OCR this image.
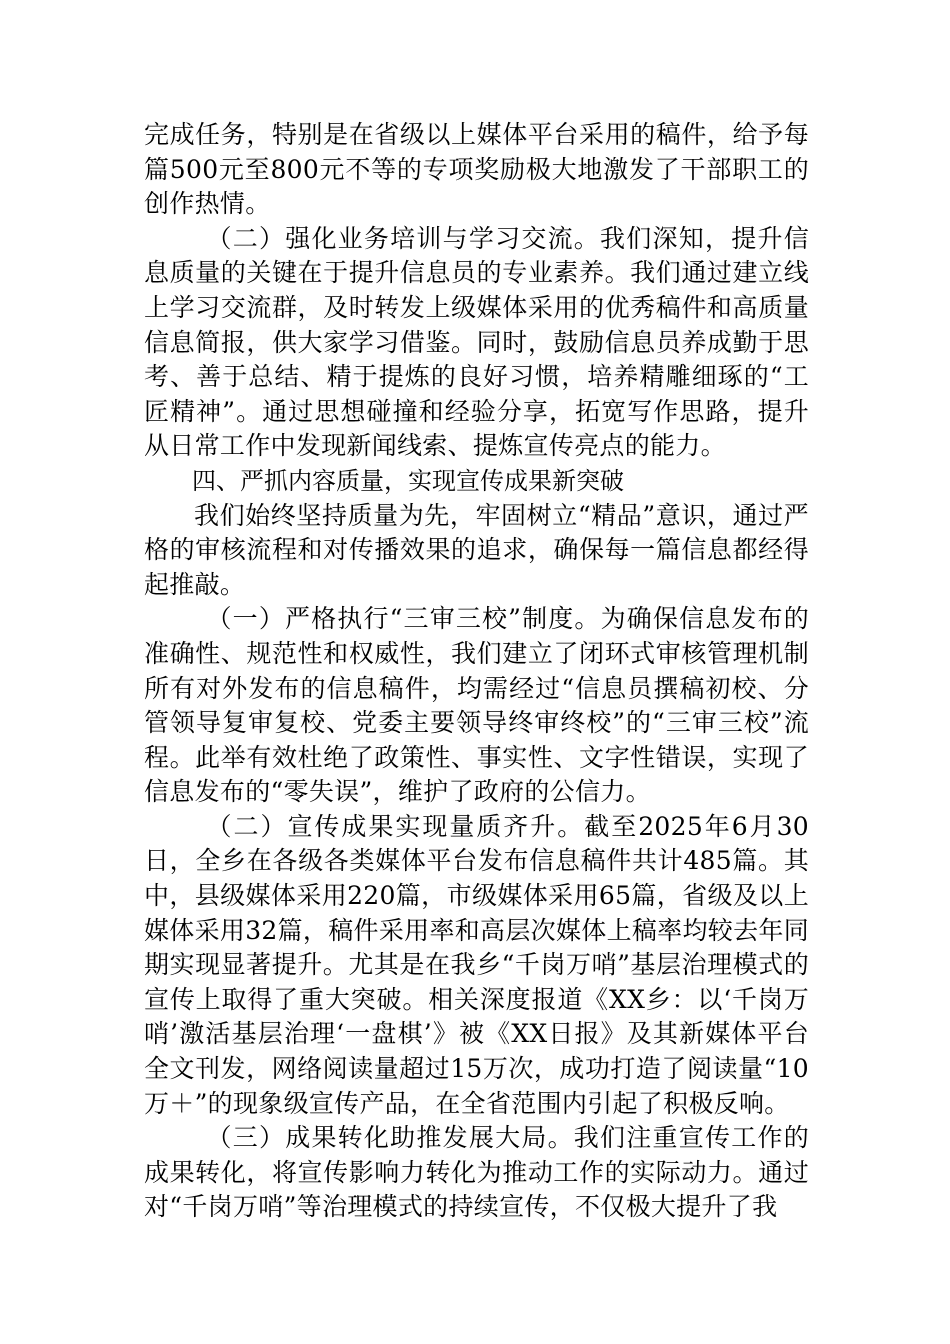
完成任务，特别是在省级以上媒体平台采用的稿件，给予每篇500元至800元不等的专项奖励极大地激发了干部职工的创作热情。

（二）强化业务培训与学习交流。我们深知，提升信息质量的关键在于提升信息员的专业素养。我们通过建立线上学习交流群，及时转发上级媒体采用的优秀稿件和高质量信息简报，供大家学习借鉴。同时，鼓励信息员养成勤于思考、善于总结、精于提炼的良好习惯，培养精雕细琢的“工匠精神”。通过思想碰撞和经验分享，拓宽写作思路，提升从日常工作中发现新闻线索、提炼宣传亮点的能力。

四、严抓内容质量，实现宣传成果新突破

我们始终坚持质量为先，牢固树立“精品”意识，通过严格的审核流程和对传播效果的追求，确保每一篇信息都经得起推敲。

（一）严格执行“三审三校”制度。为确保信息发布的准确性、规范性和权威性，我们建立了闭环式审核管理机制所有对外发布的信息稿件，均需经过“信息员撰稿初校、分管领导复审复校、党委主要领导终审终校”的“三审三校”流程。此举有效杜绝了政策性、事实性、文字性错误，实现了信息发布的“零失误”，维护了政府的公信力。

（二）宣传成果实现量质齐升。截至2025年6月30日，全乡在各级各类媒体平台发布信息稿件共计485篇。其中，县级媒体采用220篇，市级媒体采用65篇，省级及以上媒体采用32篇，稿件采用率和高层次媒体上稿率均较去年同期实现显著提升。尤其是在我乡“千岗万哨”基层治理模式的宣传上取得了重大突破。相关深度报道《XX乡：以‘千岗万哨’激活基层治理‘一盘棋’》被《XX日报》及其新媒体平台全文刊发，网络阅读量超过15万次，成功打造了阅读量“10万＋”的现象级宣传产品，在全省范围内引起了积极反响。

（三）成果转化助推发展大局。我们注重宣传工作的成果转化，将宣传影响力转化为推动工作的实际动力。通过对“千岗万哨”等治理模式的持续宣传，不仅极大提升了我
